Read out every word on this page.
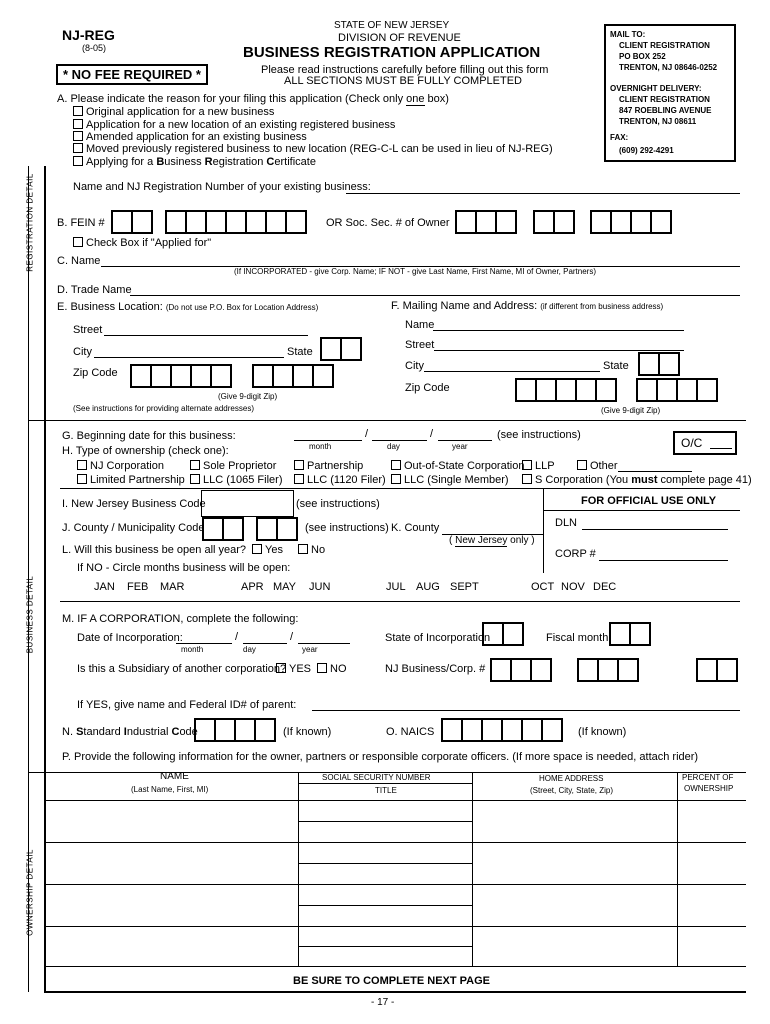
NJ-REG
(8-05)
* NO FEE REQUIRED *
STATE OF NEW JERSEY
DIVISION OF REVENUE
BUSINESS REGISTRATION APPLICATION
Please read instructions carefully before filling out this form
ALL SECTIONS MUST BE FULLY COMPLETED
MAIL TO:
CLIENT REGISTRATION
PO BOX 252
TRENTON, NJ 08646-0252
OVERNIGHT DELIVERY:
CLIENT REGISTRATION
847 ROEBLING AVENUE
TRENTON, NJ 08611
FAX:
(609) 292-4291
REGISTRATION DETAIL
BUSINESS DETAIL
OWNERSHIP DETAIL
A. Please indicate the reason for your filing this application (Check only one box)
Original application for a new business
Application for a new location of an existing registered business
Amended application for an existing business
Moved previously registered business to new location (REG-C-L can be used in lieu of NJ-REG)
Applying for a Business Registration Certificate
Name and NJ Registration Number of your existing business:
B. FEIN #	OR Soc. Sec. # of Owner
Check Box if "Applied for"
C. Name
(If INCORPORATED - give Corp. Name; IF NOT - give Last Name, First Name, MI of Owner, Partners)
D. Trade Name
E. Business Location: (Do not use P.O. Box for Location Address)
Street
City	State
Zip Code
(Give 9-digit Zip)
(See instructions for providing alternate addresses)
F. Mailing Name and Address: (if different from business address)
Name
Street
City	State
Zip Code
(Give 9-digit Zip)
G. Beginning date for this business:	/	/
month	day	year
(see instructions)
O/C
H. Type of ownership (check one):
NJ Corporation	Sole Proprietor	Partnership	Out-of-State Corporation LLP	Other
Limited Partnership	LLC (1065 Filer)	LLC (1120 Filer)	LLC (Single Member)	S Corporation (You must complete page 41)
I. New Jersey Business Code	(see instructions)	FOR OFFICIAL USE ONLY
DLN
CORP #
J. County / Municipality Code	(see instructions) K. County
( New Jersey only )
L. Will this business be open all year?	Yes	No
If NO - Circle months business will be open:
JAN FEB MAR	APR MAY JUN	JUL AUG SEPT	OCT NOV DEC
M. IF A CORPORATION, complete the following:
Date of Incorporation:	/	/
month	day	year
State of Incorporation	Fiscal month
Is this a Subsidiary of another corporation? YES	NO	NJ Business/Corp. #
If YES, give name and Federal ID# of parent:
N. Standard Industrial Code	(If known)	O. NAICS	(If known)
P. Provide the following information for the owner, partners or responsible corporate officers. (If more space is needed, attach rider)
NAME
(Last Name, First, MI)
SOCIAL SECURITY NUMBER
TITLE
HOME ADDRESS
(Street, City, State, Zip)
PERCENT OF
OWNERSHIP
BE SURE TO COMPLETE NEXT PAGE
- 17 -
